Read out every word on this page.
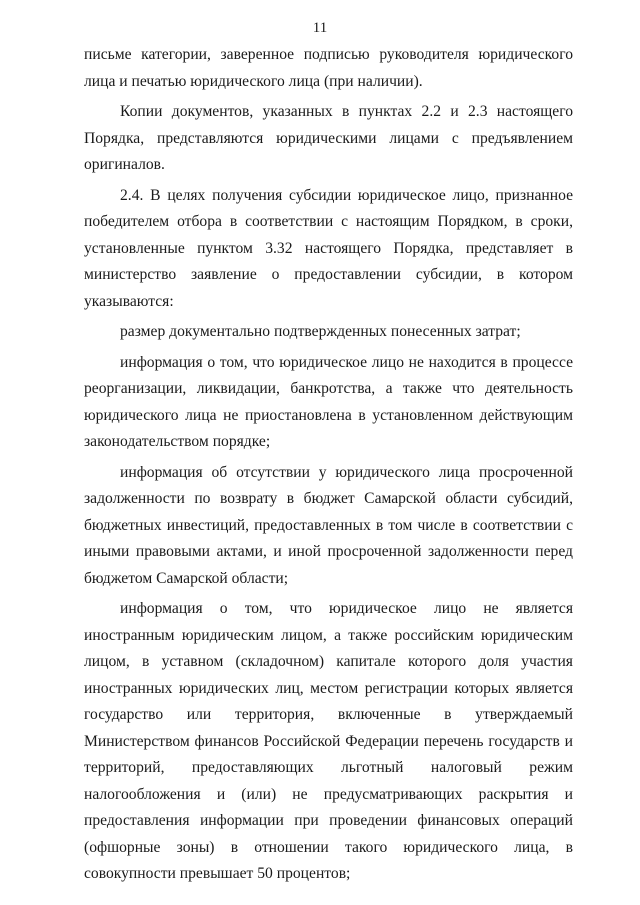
11

письме категории, заверенное подписью руководителя юридического лица и печатью юридического лица (при наличии).

Копии документов, указанных в пунктах 2.2 и 2.3 настоящего Порядка, представляются юридическими лицами с предъявлением оригиналов.

2.4. В целях получения субсидии юридическое лицо, признанное победителем отбора в соответствии с настоящим Порядком, в сроки, установленные пунктом 3.32 настоящего Порядка, представляет в министерство заявление о предоставлении субсидии, в котором указываются:

размер документально подтвержденных понесенных затрат;

информация о том, что юридическое лицо не находится в процессе реорганизации, ликвидации, банкротства, а также что деятельность юридического лица не приостановлена в установленном действующим законодательством порядке;

информация об отсутствии у юридического лица просроченной задолженности по возврату в бюджет Самарской области субсидий, бюджетных инвестиций, предоставленных в том числе в соответствии с иными правовыми актами, и иной просроченной задолженности перед бюджетом Самарской области;

информация о том, что юридическое лицо не является иностранным юридическим лицом, а также российским юридическим лицом, в уставном (складочном) капитале которого доля участия иностранных юридических лиц, местом регистрации которых является государство или территория, включенные в утверждаемый Министерством финансов Российской Федерации перечень государств и территорий, предоставляющих льготный налоговый режим налогообложения и (или) не предусматривающих раскрытия и предоставления информации при проведении финансовых операций (офшорные зоны) в отношении такого юридического лица, в совокупности превышает 50 процентов;
